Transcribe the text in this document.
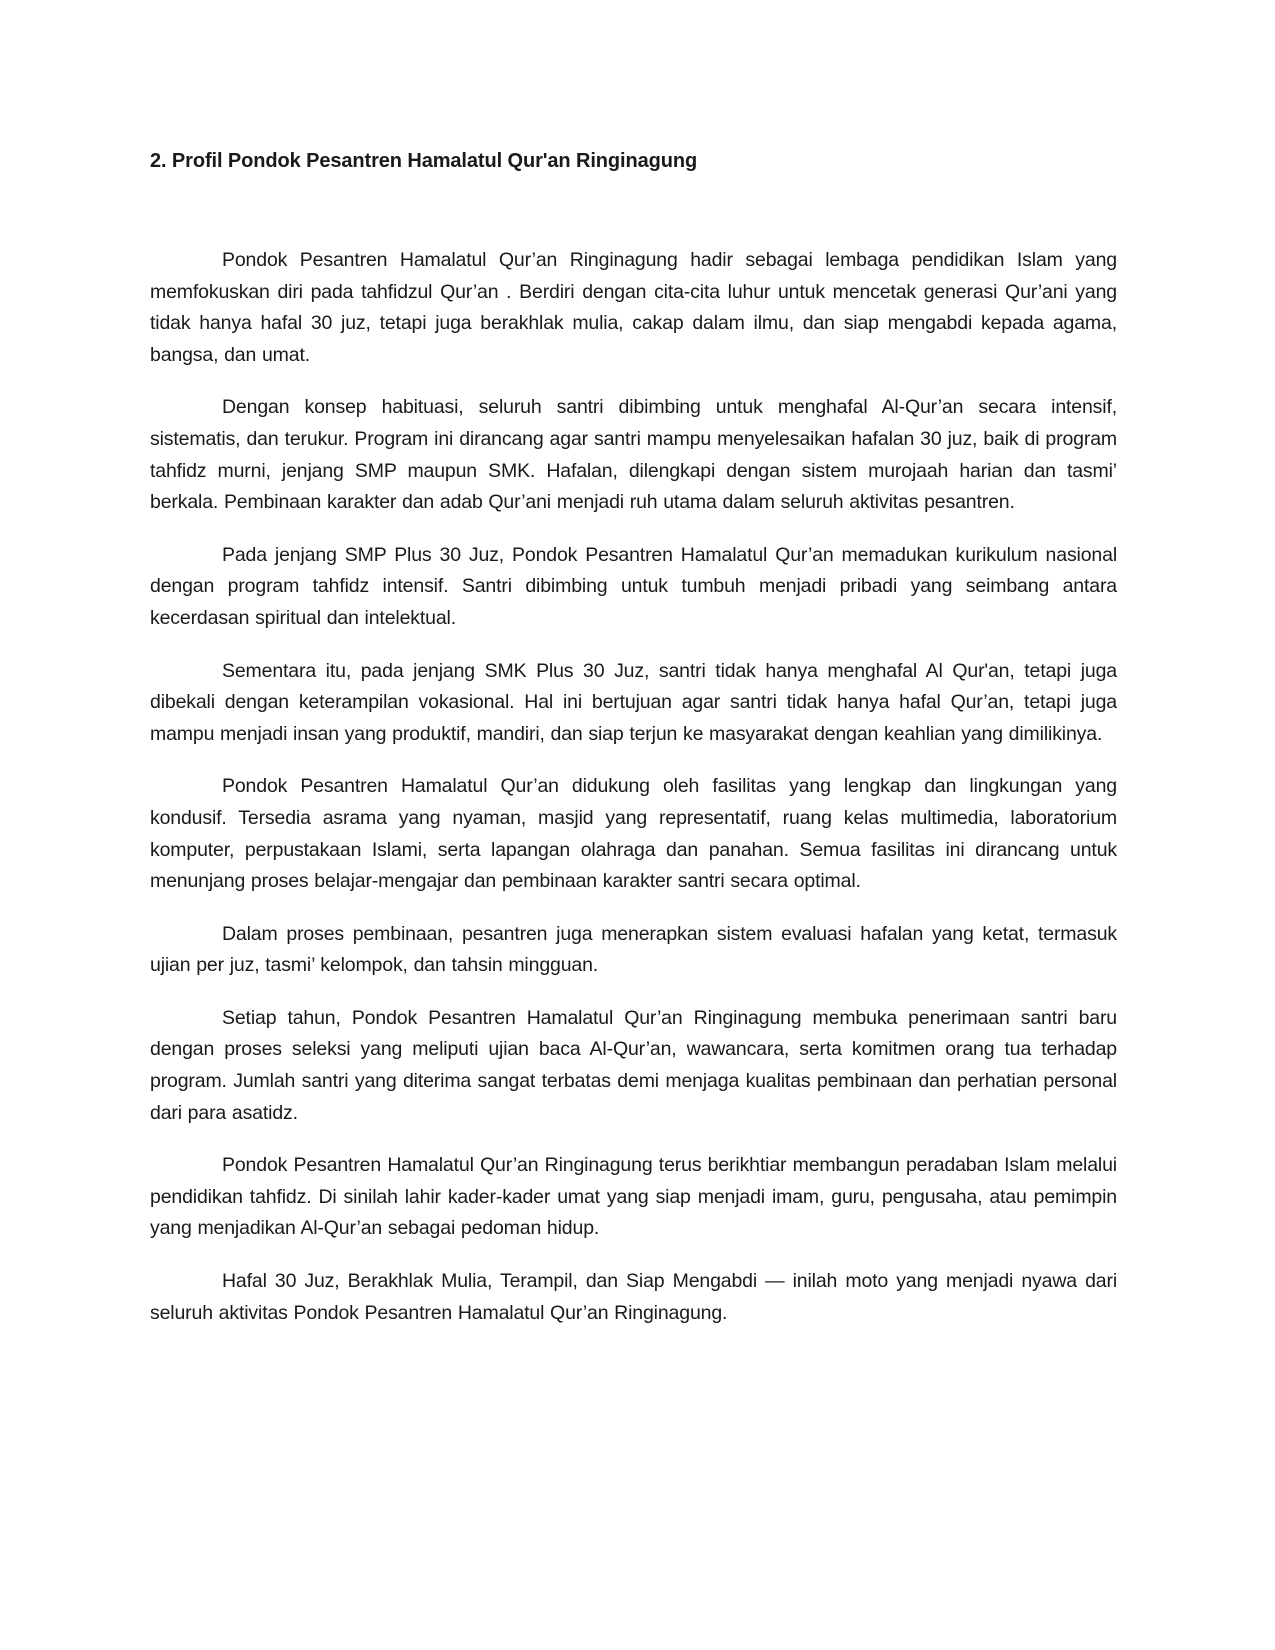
2. Profil Pondok Pesantren Hamalatul Qur'an Ringinagung

Pondok Pesantren Hamalatul Qur’an Ringinagung hadir sebagai lembaga pendidikan Islam yang memfokuskan diri pada tahfidzul Qur’an . Berdiri dengan cita-cita luhur untuk mencetak generasi Qur’ani yang tidak hanya hafal 30 juz, tetapi juga berakhlak mulia, cakap dalam ilmu, dan siap mengabdi kepada agama, bangsa, dan umat.

Dengan konsep habituasi, seluruh santri dibimbing untuk menghafal Al-Qur’an secara intensif, sistematis, dan terukur. Program ini dirancang agar santri mampu menyelesaikan hafalan 30 juz, baik di program tahfidz murni, jenjang SMP maupun SMK. Hafalan, dilengkapi dengan sistem murojaah harian dan tasmi’ berkala. Pembinaan karakter dan adab Qur’ani menjadi ruh utama dalam seluruh aktivitas pesantren.

Pada jenjang SMP Plus 30 Juz, Pondok Pesantren Hamalatul Qur’an memadukan kurikulum nasional dengan program tahfidz intensif. Santri dibimbing untuk tumbuh menjadi pribadi yang seimbang antara kecerdasan spiritual dan intelektual.

Sementara itu, pada jenjang SMK Plus 30 Juz, santri tidak hanya menghafal Al Qur'an, tetapi juga dibekali dengan keterampilan vokasional. Hal ini bertujuan agar santri tidak hanya hafal Qur’an, tetapi juga mampu menjadi insan yang produktif, mandiri, dan siap terjun ke masyarakat dengan keahlian yang dimilikinya.

Pondok Pesantren Hamalatul Qur’an didukung oleh fasilitas yang lengkap dan lingkungan yang kondusif. Tersedia asrama yang nyaman, masjid yang representatif, ruang kelas multimedia, laboratorium komputer, perpustakaan Islami, serta lapangan olahraga dan panahan. Semua fasilitas ini dirancang untuk menunjang proses belajar-mengajar dan pembinaan karakter santri secara optimal.

Dalam proses pembinaan, pesantren juga menerapkan sistem evaluasi hafalan yang ketat, termasuk ujian per juz, tasmi’ kelompok, dan tahsin mingguan.

Setiap tahun, Pondok Pesantren Hamalatul Qur’an Ringinagung membuka penerimaan santri baru dengan proses seleksi yang meliputi ujian baca Al-Qur’an, wawancara, serta komitmen orang tua terhadap program. Jumlah santri yang diterima sangat terbatas demi menjaga kualitas pembinaan dan perhatian personal dari para asatidz.

Pondok Pesantren Hamalatul Qur’an Ringinagung terus berikhtiar membangun peradaban Islam melalui pendidikan tahfidz. Di sinilah lahir kader-kader umat yang siap menjadi imam, guru, pengusaha, atau pemimpin yang menjadikan Al-Qur’an sebagai pedoman hidup.

Hafal 30 Juz, Berakhlak Mulia, Terampil, dan Siap Mengabdi — inilah moto yang menjadi nyawa dari seluruh aktivitas Pondok Pesantren Hamalatul Qur’an Ringinagung.
